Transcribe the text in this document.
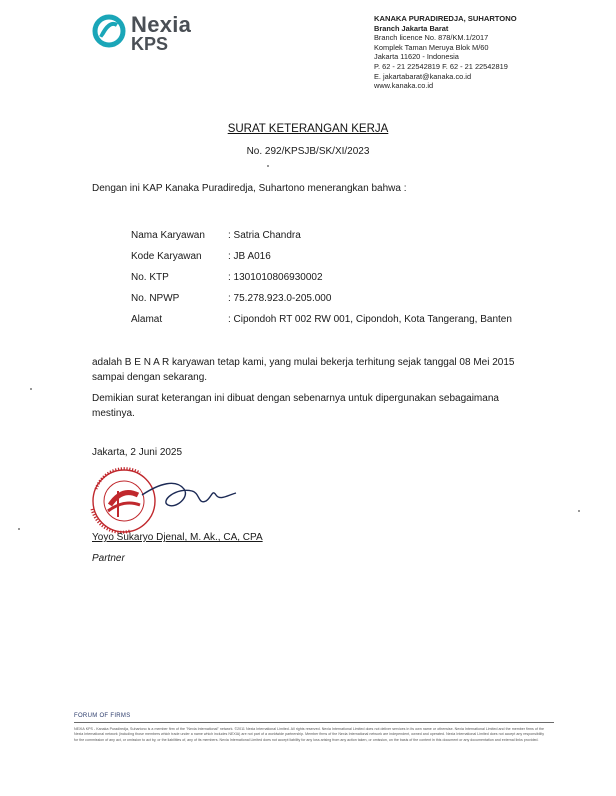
Nexia
KPS
KANAKA PURADIREDJA, SUHARTONO
Branch Jakarta Barat
Branch licence No. 878/KM.1/2017
Komplek Taman Meruya Blok M/60
Jakarta 11620 - Indonesia
P. 62 - 21 22542819 F. 62 - 21 22542819
E. jakartabarat@kanaka.co.id
www.kanaka.co.id
SURAT KETERANGAN KERJA
No. 292/KPSJB/SK/XI/2023
Dengan ini KAP Kanaka Puradiredja, Suhartono menerangkan bahwa :
Nama Karyawan : Satria Chandra
Kode Karyawan	: JB A016
No. KTP	: 1301010806930002
No. NPWP	: 75.278.923.0-205.000
Alamat	: Cipondoh RT 002 RW 001, Cipondoh, Kota Tangerang, Banten
adalah B E N A R karyawan tetap kami, yang mulai bekerja terhitung sejak tanggal 08 Mei 2015 sampai dengan sekarang.
Demikian surat keterangan ini dibuat dengan sebenarnya untuk dipergunakan sebagaimana mestinya.
Jakarta, 2 Juni 2025
Yoyo Sukaryo Djenal, M. Ak., CA, CPA
Partner
FORUM OF FIRMS
NEXIA KPS - Kanaka Puradiredja, Suhartono is a member firm of the "Nexia International" network. ©2011 Nexia International Limited. All rights reserved. Nexia International Limited does not deliver services in its own name or otherwise. Nexia International Limited and the member firms of the Nexia International network (including those members which trade under a name which includes NEXIA) are not part of a worldwide partnership. Member firms of the Nexia International network are independent, owned and operated. Nexia International Limited does not accept any responsibility for the commission of any act, or omission to act by, or the liabilities of, any of its members. Nexia International Limited does not accept liability for any loss arising from any action taken, or omission, on the basis of the content in this document or any documentation and external links provided.
